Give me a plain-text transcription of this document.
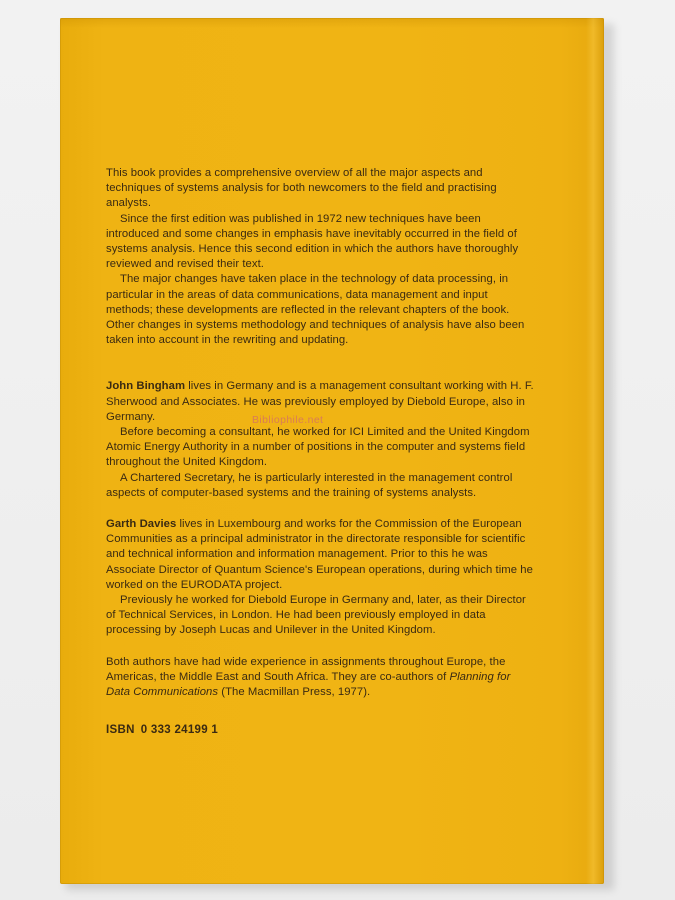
This book provides a comprehensive overview of all the major aspects and techniques of systems analysis for both newcomers to the field and practising analysts.

Since the first edition was published in 1972 new techniques have been introduced and some changes in emphasis have inevitably occurred in the field of systems analysis. Hence this second edition in which the authors have thoroughly reviewed and revised their text.

The major changes have taken place in the technology of data processing, in particular in the areas of data communications, data management and input methods; these developments are reflected in the relevant chapters of the book. Other changes in systems methodology and techniques of analysis have also been taken into account in the rewriting and updating.

John Bingham lives in Germany and is a management consultant working with H. F. Sherwood and Associates. He was previously employed by Diebold Europe, also in Germany.

Before becoming a consultant, he worked for ICI Limited and the United Kingdom Atomic Energy Authority in a number of positions in the computer and systems field throughout the United Kingdom.

A Chartered Secretary, he is particularly interested in the management control aspects of computer-based systems and the training of systems analysts.

Garth Davies lives in Luxembourg and works for the Commission of the European Communities as a principal administrator in the directorate responsible for scientific and technical information and information management. Prior to this he was Associate Director of Quantum Science's European operations, during which time he worked on the EURODATA project.

Previously he worked for Diebold Europe in Germany and, later, as their Director of Technical Services, in London. He had been previously employed in data processing by Joseph Lucas and Unilever in the United Kingdom.

Both authors have had wide experience in assignments throughout Europe, the Americas, the Middle East and South Africa. They are co-authors of Planning for Data Communications (The Macmillan Press, 1977).

ISBN 0 333 24199 1
Bibliophile.net
